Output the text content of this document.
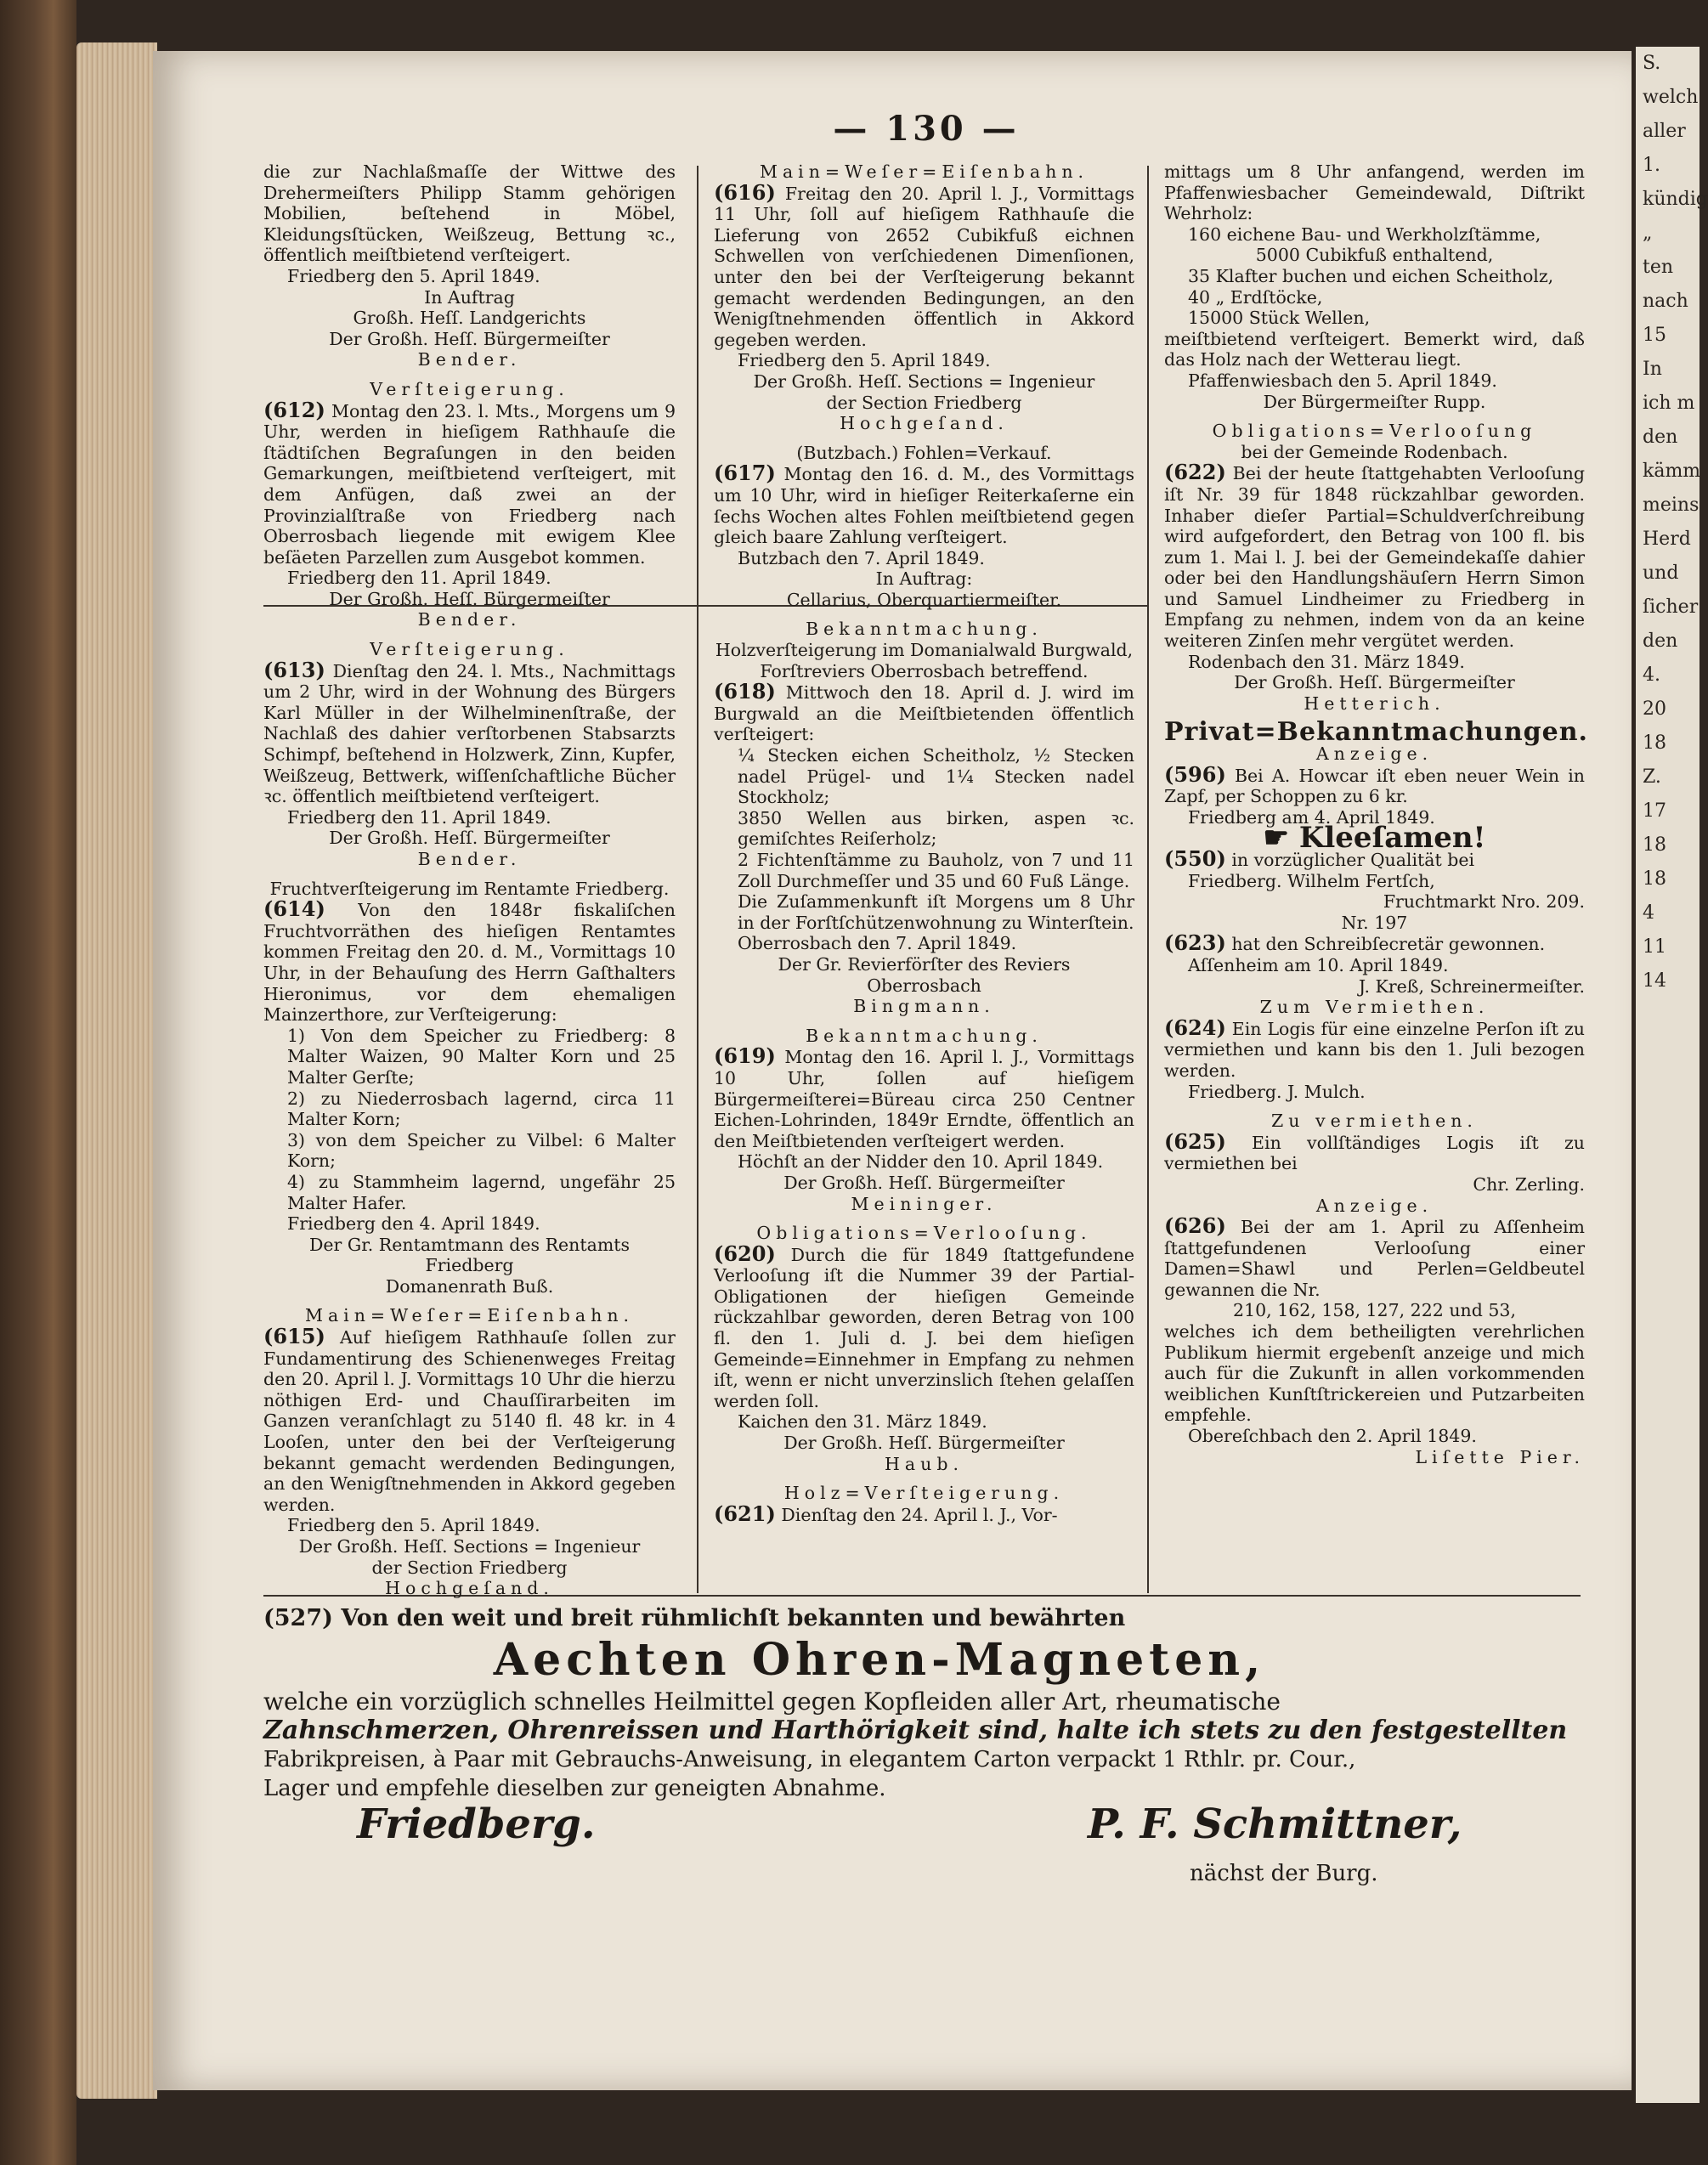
S.
welch
aller
1.
kündig
„
ten
nach
15
In
ich m
den
kämm
meins
Herd
und
ſicher
den
4.
20
18
Z.
17
18
18
4
11
14
— 130 —

die zur Nachlaßmaſſe der Wittwe des Drehermeiſters Philipp Stamm gehörigen Mobilien, beſtehend in Möbel, Kleidungsſtücken, Weißzeug, Bettung ꝛc., öffentlich meiſtbietend verſteigert.

Friedberg den 5. April 1849.

In Auftrag

Großh. Heſſ. Landgerichts

Der Großh. Heſſ. Bürgermeiſter

Bender.

Verſteigerung.

(612) Montag den 23. l. Mts., Morgens um 9 Uhr, werden in hieſigem Rathhauſe die ſtädtiſchen Begraſungen in den beiden Gemarkungen, meiſtbietend verſteigert, mit dem Anfügen, daß zwei an der Provinzialſtraße von Friedberg nach Oberrosbach liegende mit ewigem Klee beſäeten Parzellen zum Ausgebot kommen.

Friedberg den 11. April 1849.

Der Großh. Heſſ. Bürgermeiſter

Bender.

Verſteigerung.

(613) Dienſtag den 24. l. Mts., Nachmittags um 2 Uhr, wird in der Wohnung des Bürgers Karl Müller in der Wilhelminenſtraße, der Nachlaß des dahier verſtorbenen Stabsarzts Schimpf, beſtehend in Holzwerk, Zinn, Kupfer, Weißzeug, Bettwerk, wiſſenſchaftliche Bücher ꝛc. öffentlich meiſtbietend verſteigert.

Friedberg den 11. April 1849.

Der Großh. Heſſ. Bürgermeiſter

Bender.

Fruchtverſteigerung im Rentamte Friedberg.

(614) Von den 1848r fiskaliſchen Fruchtvorräthen des hieſigen Rentamtes kommen Freitag den 20. d. M., Vormittags 10 Uhr, in der Behauſung des Herrn Gaſthalters Hieronimus, vor dem ehemaligen Mainzerthore, zur Verſteigerung:

1) Von dem Speicher zu Friedberg: 8 Malter Waizen, 90 Malter Korn und 25 Malter Gerſte;

2) zu Niederrosbach lagernd, circa 11 Malter Korn;

3) von dem Speicher zu Vilbel: 6 Malter Korn;

4) zu Stammheim lagernd, ungefähr 25 Malter Hafer.

Friedberg den 4. April 1849.

Der Gr. Rentamtmann des Rentamts Friedberg

Domanenrath Buß.

Main=Weſer=Eiſenbahn.

(615) Auf hieſigem Rathhauſe ſollen zur Fundamentirung des Schienenweges Freitag den 20. April l. J. Vormittags 10 Uhr die hierzu nöthigen Erd- und Chauſſirarbeiten im Ganzen veranſchlagt zu 5140 fl. 48 kr. in 4 Looſen, unter den bei der Verſteigerung bekannt gemacht werdenden Bedingungen, an den Wenigſtnehmenden in Akkord gegeben werden.

Friedberg den 5. April 1849.

Der Großh. Heſſ. Sections = Ingenieur

der Section Friedberg

Hochgeſand.

Main=Weſer=Eiſenbahn.

(616) Freitag den 20. April l. J., Vormittags 11 Uhr, ſoll auf hieſigem Rathhauſe die Lieferung von 2652 Cubikfuß eichnen Schwellen von verſchiedenen Dimenſionen, unter den bei der Verſteigerung bekannt gemacht werdenden Bedingungen, an den Wenigſtnehmenden öffentlich in Akkord gegeben werden.

Friedberg den 5. April 1849.

Der Großh. Heſſ. Sections = Ingenieur

der Section Friedberg

Hochgeſand.

(Butzbach.) Fohlen=Verkauf.

(617) Montag den 16. d. M., des Vormittags um 10 Uhr, wird in hieſiger Reiterkaſerne ein ſechs Wochen altes Fohlen meiſtbietend gegen gleich baare Zahlung verſteigert.

Butzbach den 7. April 1849.

In Auftrag:

Cellarius, Oberquartiermeiſter.

Bekanntmachung.

Holzverſteigerung im Domanialwald Burgwald, Forſtreviers Oberrosbach betreffend.

(618) Mittwoch den 18. April d. J. wird im Burgwald an die Meiſtbietenden öffentlich verſteigert:

¼ Stecken eichen Scheitholz, ½ Stecken nadel Prügel- und 1¼ Stecken nadel Stockholz;

3850 Wellen aus birken, aspen ꝛc. gemiſchtes Reiſerholz;

2 Fichtenſtämme zu Bauholz, von 7 und 11 Zoll Durchmeſſer und 35 und 60 Fuß Länge.

Die Zuſammenkunft iſt Morgens um 8 Uhr in der Forſtſchützenwohnung zu Winterſtein.

Oberrosbach den 7. April 1849.

Der Gr. Revierförſter des Reviers

Oberrosbach

Bingmann.

Bekanntmachung.

(619) Montag den 16. April l. J., Vormittags 10 Uhr, ſollen auf hieſigem Bürgermeiſterei=Büreau circa 250 Centner Eichen-Lohrinden, 1849r Erndte, öffentlich an den Meiſtbietenden verſteigert werden.

Höchſt an der Nidder den 10. April 1849.

Der Großh. Heſſ. Bürgermeiſter

Meininger.

Obligations=Verlooſung.

(620) Durch die für 1849 ſtattgefundene Verlooſung iſt die Nummer 39 der Partial-Obligationen der hieſigen Gemeinde rückzahlbar geworden, deren Betrag von 100 fl. den 1. Juli d. J. bei dem hieſigen Gemeinde=Einnehmer in Empfang zu nehmen iſt, wenn er nicht unverzinslich ſtehen gelaſſen werden ſoll.

Kaichen den 31. März 1849.

Der Großh. Heſſ. Bürgermeiſter

Haub.

Holz=Verſteigerung.

(621) Dienſtag den 24. April l. J., Vor-

mittags um 8 Uhr anfangend, werden im Pfaffenwiesbacher Gemeindewald, Diſtrikt Wehrholz:

160 eichene Bau- und Werkholzſtämme,

5000 Cubikfuß enthaltend,

35 Klafter buchen und eichen Scheitholz,

40 „ Erdſtöcke,

15000 Stück Wellen,

meiſtbietend verſteigert. Bemerkt wird, daß das Holz nach der Wetterau liegt.

Pfaffenwiesbach den 5. April 1849.

Der Bürgermeiſter Rupp.

Obligations=Verlooſung

bei der Gemeinde Rodenbach.

(622) Bei der heute ſtattgehabten Verlooſung iſt Nr. 39 für 1848 rückzahlbar geworden. Inhaber dieſer Partial=Schuldverſchreibung wird aufgefordert, den Betrag von 100 fl. bis zum 1. Mai l. J. bei der Gemeindekaſſe dahier oder bei den Handlungshäuſern Herrn Simon und Samuel Lindheimer zu Friedberg in Empfang zu nehmen, indem von da an keine weiteren Zinſen mehr vergütet werden.

Rodenbach den 31. März 1849.

Der Großh. Heſſ. Bürgermeiſter

Hetterich.

Privat=Bekanntmachungen.

Anzeige.

(596) Bei A. Howcar iſt eben neuer Wein in Zapf, per Schoppen zu 6 kr.

Friedberg am 4. April 1849.

☛ Kleeſamen!

(550) in vorzüglicher Qualität bei

Friedberg. Wilhelm Fertſch,

Fruchtmarkt Nro. 209.

Nr. 197

(623) hat den Schreibſecretär gewonnen.

Aſſenheim am 10. April 1849.

J. Kreß, Schreinermeiſter.

Zum Vermiethen.

(624) Ein Logis für eine einzelne Perſon iſt zu vermiethen und kann bis den 1. Juli bezogen werden.

Friedberg. J. Mulch.

Zu vermiethen.

(625) Ein vollſtändiges Logis iſt zu vermiethen bei

Chr. Zerling.

Anzeige.

(626) Bei der am 1. April zu Aſſenheim ſtattgefundenen Verlooſung einer Damen=Shawl und Perlen=Geldbeutel gewannen die Nr.

210, 162, 158, 127, 222 und 53,

welches ich dem betheiligten verehrlichen Publikum hiermit ergebenſt anzeige und mich auch für die Zukunft in allen vorkommenden weiblichen Kunſtſtrickereien und Putzarbeiten empfehle.

Obereſchbach den 2. April 1849.

Liſette Pier.

(527) Von den weit und breit rühmlichſt bekannten und bewährten
Aechten Ohren-Magneten,
welche ein vorzüglich schnelles Heilmittel gegen Kopfleiden aller Art, rheumatische
Zahnschmerzen, Ohrenreissen und Harthörigkeit sind, halte ich stets zu den festgestellten
Fabrikpreisen, à Paar mit Gebrauchs-Anweisung, in elegantem Carton verpackt 1 Rthlr. pr. Cour.,
Lager und empfehle dieselben zur geneigten Abnahme.
Friedberg.	P. F. Schmittner,
nächst der Burg.
